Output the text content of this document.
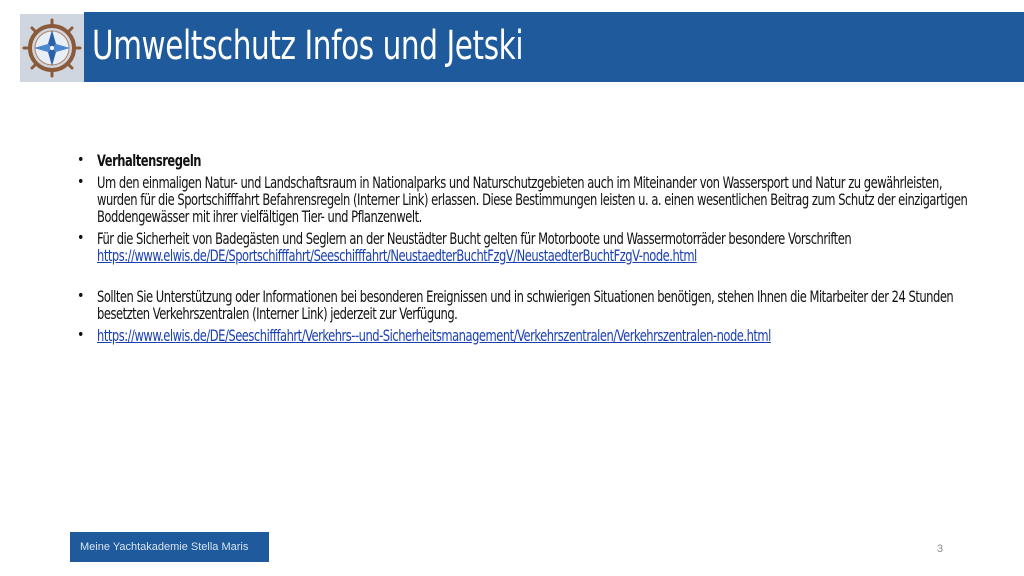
Umweltschutz Infos und Jetski
• Verhaltensregeln
• Um den einmaligen Natur- und Landschaftsraum in Nationalparks und Naturschutzgebieten auch im Miteinander von Wassersport und Natur zu gewährleisten, wurden für die Sportschifffahrt Befahrensregeln (Interner Link) erlassen. Diese Bestimmungen leisten u. a. einen wesentlichen Beitrag zum Schutz der einzigartigen Boddengewässer mit ihrer vielfältigen Tier- und Pflanzenwelt.
• Für die Sicherheit von Badegästen und Seglern an der Neustädter Bucht gelten für Motorboote und Wassermotorräder besondere Vorschriften
https://www.elwis.de/DE/Sportschifffahrt/Seeschifffahrt/NeustaedterBuchtFzgV/NeustaedterBuchtFzgV-node.html
• Sollten Sie Unterstützung oder Informationen bei besonderen Ereignissen und in schwierigen Situationen benötigen, stehen Ihnen die Mitarbeiter der 24 Stunden besetzten Verkehrszentralen (Interner Link) jederzeit zur Verfügung.
• https://www.elwis.de/DE/Seeschifffahrt/Verkehrs--und-Sicherheitsmanagement/Verkehrszentralen/Verkehrszentralen-node.html
Meine Yachtakademie Stella Maris	3
